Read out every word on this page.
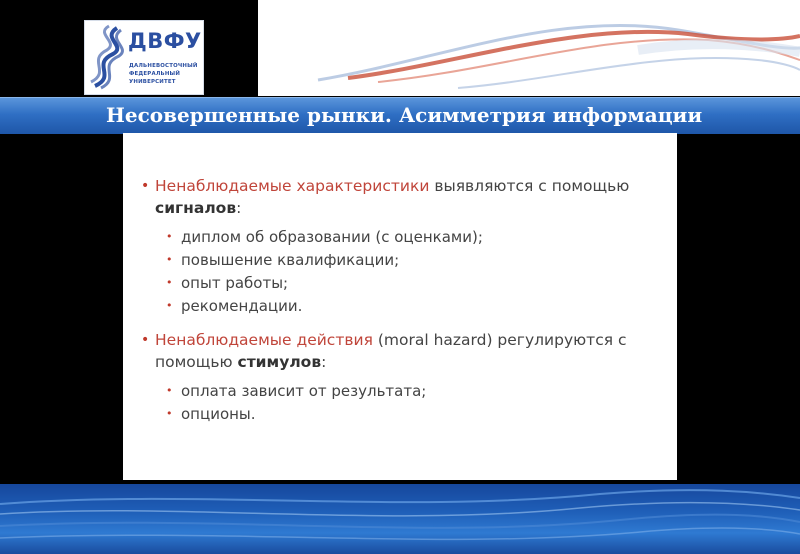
ДВФУ
ДАЛЬНЕВОСТОЧНЫЙ
ФЕДЕРАЛЬНЫЙ
УНИВЕРСИТЕТ
Несовершенные рынки. Асимметрия информации
• Ненаблюдаемые характеристики выявляются с помощью сигналов:
• диплом об образовании (с оценками);
• повышение квалификации;
• опыт работы;
• рекомендации.
• Ненаблюдаемые действия (moral hazard) регулируются с помощью стимулов:
• оплата зависит от результата;
• опционы.
